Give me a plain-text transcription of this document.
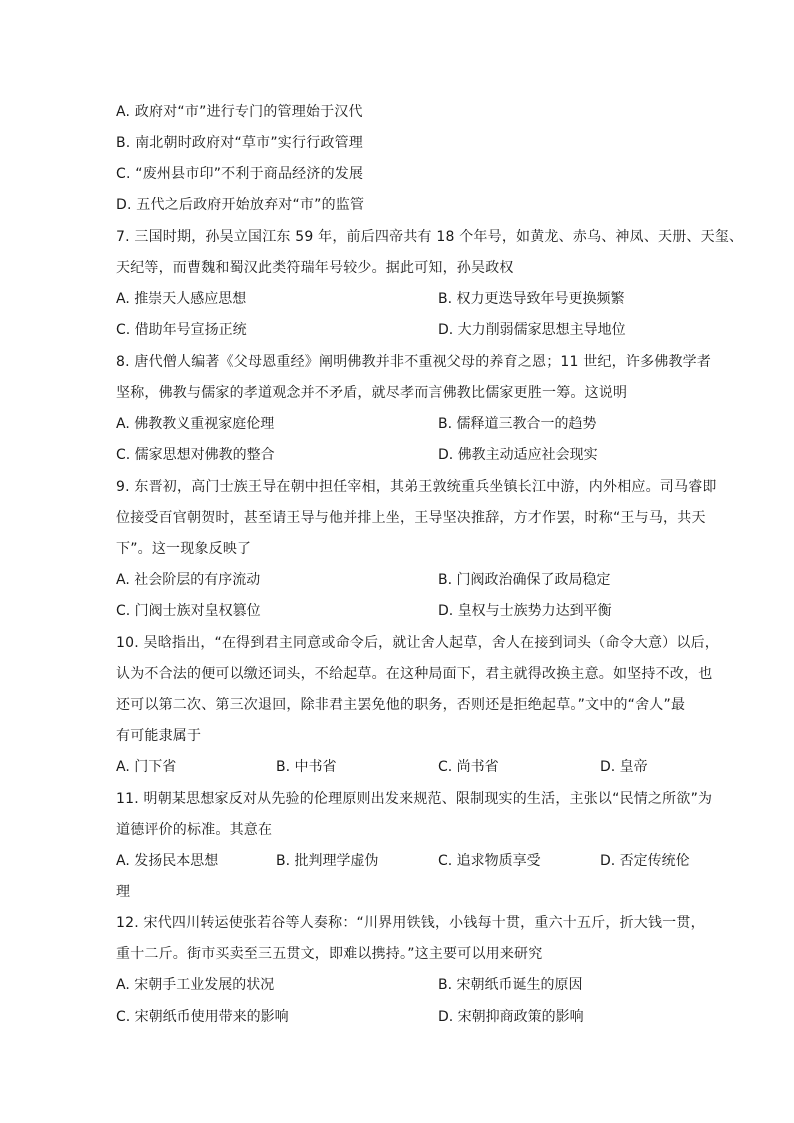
A. 政府对“市”进行专门的管理始于汉代
B. 南北朝时政府对“草市”实行行政管理
C. “废州县市印”不利于商品经济的发展
D. 五代之后政府开始放弃对“市”的监管
7. 三国时期，孙吴立国江东 59 年，前后四帝共有 18 个年号，如黄龙、赤乌、神凤、天册、天玺、
天纪等，而曹魏和蜀汉此类符瑞年号较少。据此可知，孙吴政权
A. 推崇天人感应思想	B. 权力更迭导致年号更换频繁
C. 借助年号宣扬正统	D. 大力削弱儒家思想主导地位
8. 唐代僧人编著《父母恩重经》阐明佛教并非不重视父母的养育之恩；11 世纪，许多佛教学者
坚称，佛教与儒家的孝道观念并不矛盾，就尽孝而言佛教比儒家更胜一筹。这说明
A. 佛教教义重视家庭伦理	B. 儒释道三教合一的趋势
C. 儒家思想对佛教的整合	D. 佛教主动适应社会现实
9. 东晋初，高门士族王导在朝中担任宰相，其弟王敦统重兵坐镇长江中游，内外相应。司马睿即
位接受百官朝贺时，甚至请王导与他并排上坐，王导坚决推辞，方才作罢，时称“王与马，共天
下”。这一现象反映了
A. 社会阶层的有序流动	B. 门阀政治确保了政局稳定
C. 门阀士族对皇权篡位	D. 皇权与士族势力达到平衡
10. 吴晗指出，“在得到君主同意或命令后，就让舍人起草，舍人在接到词头（命令大意）以后，
认为不合法的便可以缴还词头，不给起草。在这种局面下，君主就得改换主意。如坚持不改，也
还可以第二次、第三次退回，除非君主罢免他的职务，否则还是拒绝起草。”文中的“舍人”最
有可能隶属于
A. 门下省	B. 中书省	C. 尚书省	D. 皇帝
11. 明朝某思想家反对从先验的伦理原则出发来规范、限制现实的生活，主张以“民情之所欲”为
道德评价的标准。其意在
A. 发扬民本思想	B. 批判理学虚伪	C. 追求物质享受	D. 否定传统伦
理
12. 宋代四川转运使张若谷等人奏称：“川界用铁钱，小钱每十贯，重六十五斤，折大钱一贯，
重十二斤。街市买卖至三五贯文，即难以携持。”这主要可以用来研究
A. 宋朝手工业发展的状况	B. 宋朝纸币诞生的原因
C. 宋朝纸币使用带来的影响	D. 宋朝抑商政策的影响
